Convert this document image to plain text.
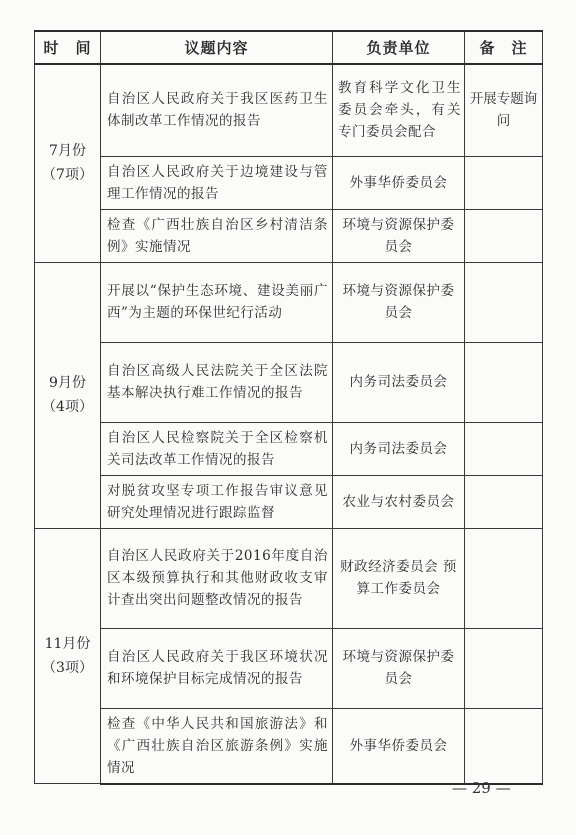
时　间	议题内容	负责单位	备　注

7月份
（7项）	自治区人民政府关于我区医药卫生体制改革工作情况的报告	教育科学文化卫生委员会牵头，有关专门委员会配合	开展专题询问
	自治区人民政府关于边境建设与管理工作情况的报告	外事华侨委员会	
	检查《广西壮族自治区乡村清洁条例》实施情况	环境与资源保护委员会	

9月份
（4项）	开展以“保护生态环境、建设美丽广西”为主题的环保世纪行活动	环境与资源保护委员会	
	自治区高级人民法院关于全区法院基本解决执行难工作情况的报告	内务司法委员会	
	自治区人民检察院关于全区检察机关司法改革工作情况的报告	内务司法委员会	
	对脱贫攻坚专项工作报告审议意见研究处理情况进行跟踪监督	农业与农村委员会	

11月份
（3项）	自治区人民政府关于2016年度自治区本级预算执行和其他财政收支审计查出突出问题整改情况的报告	财政经济委员会 预算工作委员会	
	自治区人民政府关于我区环境状况和环境保护目标完成情况的报告	环境与资源保护委员会	
	检查《中华人民共和国旅游法》和《广西壮族自治区旅游条例》实施情况	外事华侨委员会	
— 29 —
